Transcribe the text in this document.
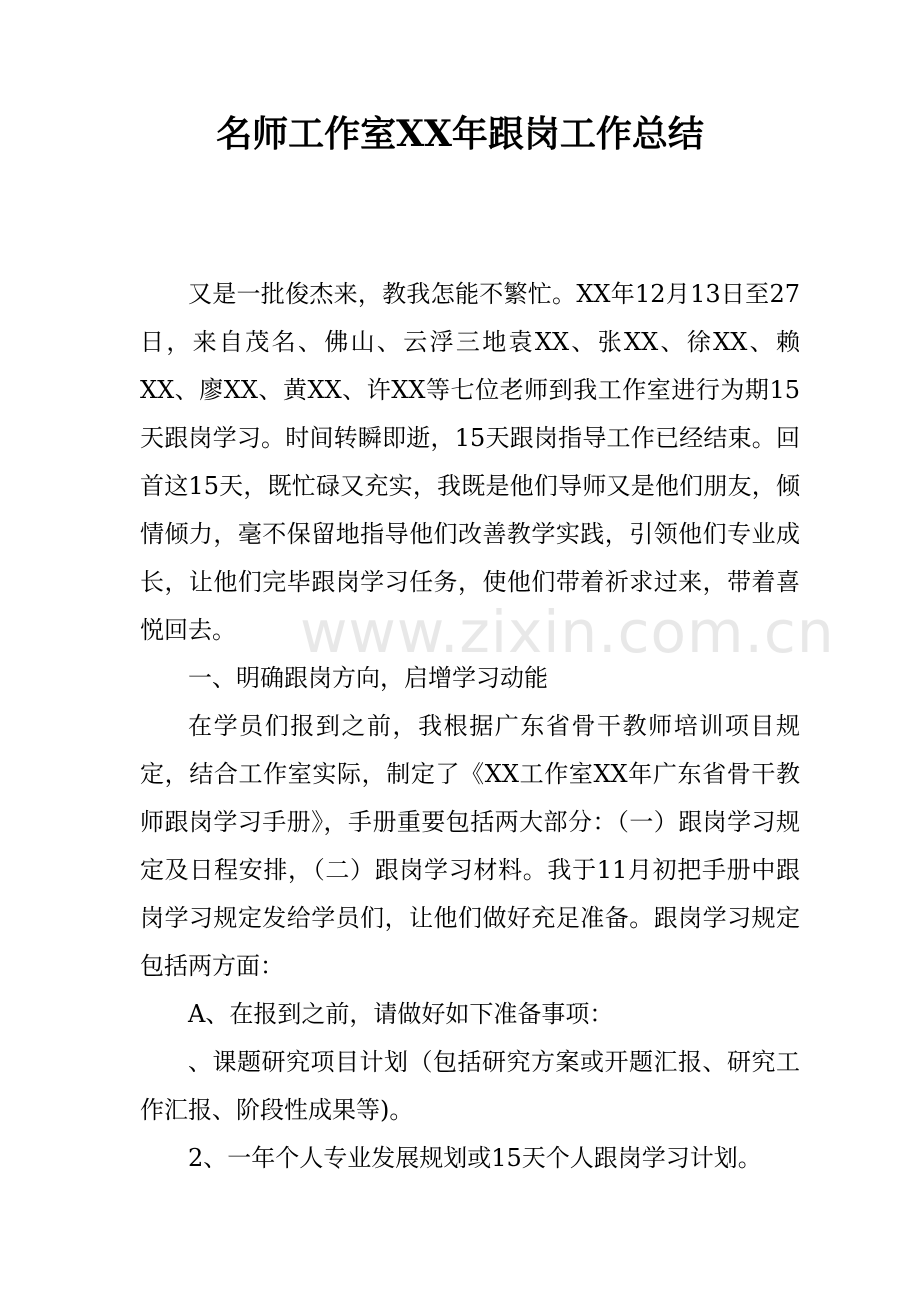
名师工作室XX年跟岗工作总结

又是一批俊杰来，教我怎能不繁忙。XX年12月13日至27日，来自茂名、佛山、云浮三地袁XX、张XX、徐XX、赖XX、廖XX、黄XX、许XX等七位老师到我工作室进行为期15天跟岗学习。时间转瞬即逝，15天跟岗指导工作已经结束。回首这15天，既忙碌又充实，我既是他们导师又是他们朋友，倾情倾力，毫不保留地指导他们改善教学实践，引领他们专业成长，让他们完毕跟岗学习任务，使他们带着祈求过来，带着喜悦回去。

一、明确跟岗方向，启增学习动能

在学员们报到之前，我根据广东省骨干教师培训项目规定，结合工作室实际，制定了《XX工作室XX年广东省骨干教师跟岗学习手册》，手册重要包括两大部分：（一）跟岗学习规定及日程安排，（二）跟岗学习材料。我于11月初把手册中跟岗学习规定发给学员们，让他们做好充足准备。跟岗学习规定包括两方面：

A、在报到之前，请做好如下准备事项：

、课题研究项目计划（包括研究方案或开题汇报、研究工作汇报、阶段性成果等)。

2、一年个人专业发展规划或15天个人跟岗学习计划。

www.zixin.com.cn
